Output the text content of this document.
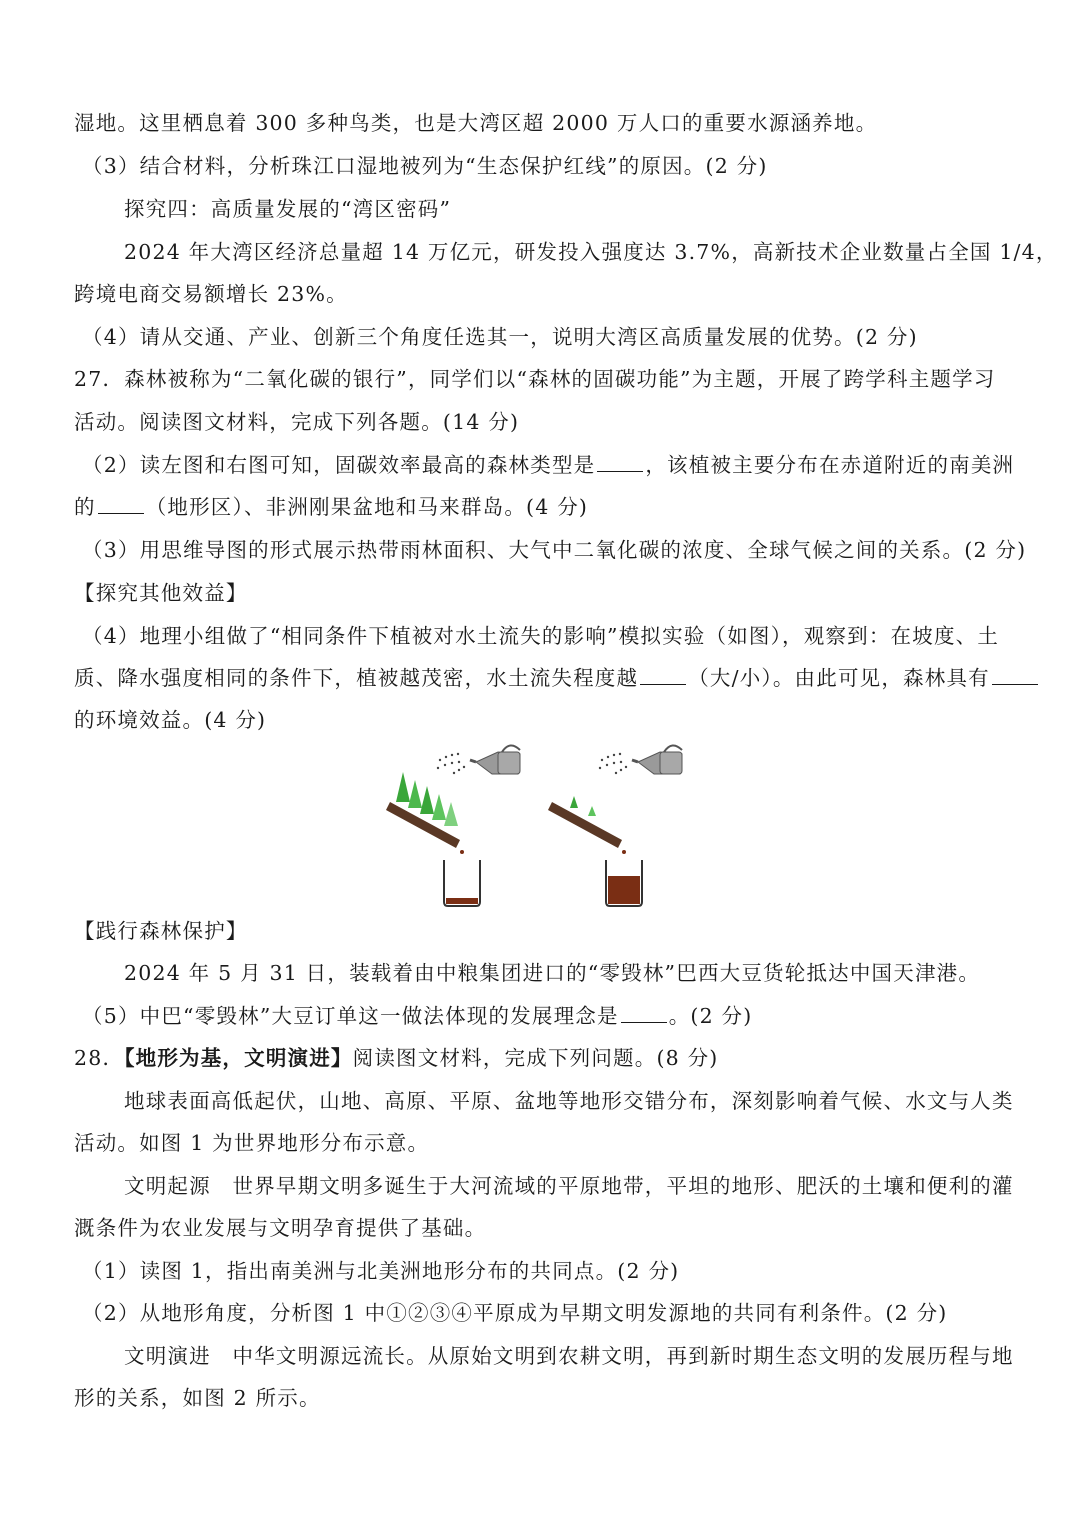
湿地。这里栖息着 300 多种鸟类，也是大湾区超 2000 万人口的重要水源涵养地。
（3）结合材料，分析珠江口湿地被列为“生态保护红线”的原因。(2 分)
探究四：高质量发展的“湾区密码”
2024 年大湾区经济总量超 14 万亿元，研发投入强度达 3.7%，高新技术企业数量占全国 1/4，
跨境电商交易额增长 23%。
（4）请从交通、产业、创新三个角度任选其一，说明大湾区高质量发展的优势。(2 分)
27．森林被称为“二氧化碳的银行”，同学们以“森林的固碳功能”为主题，开展了跨学科主题学习
活动。阅读图文材料，完成下列各题。(14 分)
（2）读左图和右图可知，固碳效率最高的森林类型是 ，该植被主要分布在赤道附近的南美洲
的 （地形区）、非洲刚果盆地和马来群岛。(4 分)
（3）用思维导图的形式展示热带雨林面积、大气中二氧化碳的浓度、全球气候之间的关系。(2 分)
【探究其他效益】
（4）地理小组做了“相同条件下植被对水土流失的影响”模拟实验（如图），观察到：在坡度、土
质、降水强度相同的条件下，植被越茂密，水土流失程度越 （大/小）。由此可见，森林具有
的环境效益。(4 分)
【践行森林保护】
2024 年 5 月 31 日，装载着由中粮集团进口的“零毁林”巴西大豆货轮抵达中国天津港。
（5）中巴“零毁林”大豆订单这一做法体现的发展理念是 。(2 分)
28．【地形为基，文明演进】阅读图文材料，完成下列问题。(8 分)
地球表面高低起伏，山地、高原、平原、盆地等地形交错分布，深刻影响着气候、水文与人类
活动。如图 1 为世界地形分布示意。
文明起源　世界早期文明多诞生于大河流域的平原地带，平坦的地形、肥沃的土壤和便利的灌
溉条件为农业发展与文明孕育提供了基础。
（1）读图 1，指出南美洲与北美洲地形分布的共同点。(2 分)
（2）从地形角度，分析图 1 中①②③④平原成为早期文明发源地的共同有利条件。(2 分)
文明演进　中华文明源远流长。从原始文明到农耕文明，再到新时期生态文明的发展历程与地
形的关系，如图 2 所示。
